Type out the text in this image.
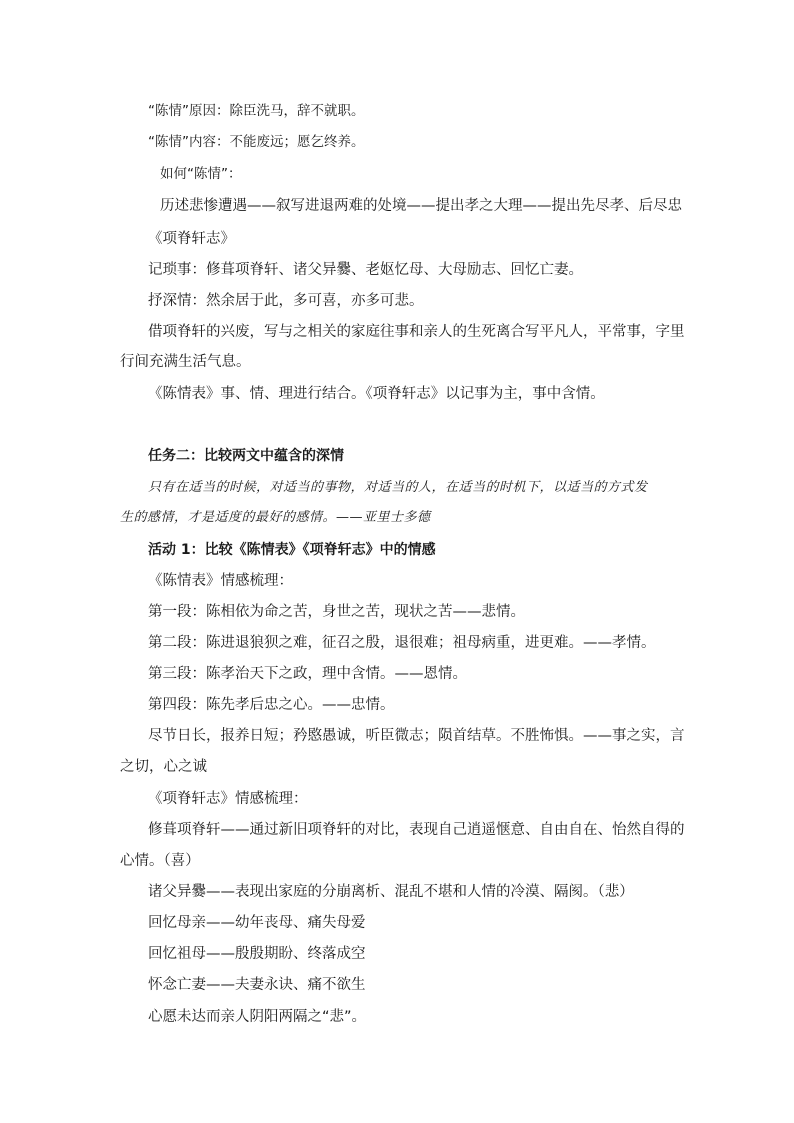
“陈情”原因：除臣洗马，辞不就职。
“陈情”内容：不能废远；愿乞终养。
如何“陈情”：
历述悲惨遭遇——叙写进退两难的处境——提出孝之大理——提出先尽孝、后尽忠
《项脊轩志》
记琐事：修葺项脊轩、诸父异爨、老妪忆母、大母励志、回忆亡妻。
抒深情：然余居于此，多可喜，亦多可悲。
借项脊轩的兴废，写与之相关的家庭往事和亲人的生死离合写平凡人，平常事，字里
行间充满生活气息。
《陈情表》事、情、理进行结合。《项脊轩志》以记事为主，事中含情。
任务二：比较两文中蕴含的深情
只有在适当的时候，对适当的事物，对适当的人，在适当的时机下，以适当的方式发
生的感情，才是适度的最好的感情。——亚里士多德
活动 1：比较《陈情表》《项脊轩志》中的情感
《陈情表》情感梳理：
第一段：陈相依为命之苦，身世之苦，现状之苦——悲情。
第二段：陈进退狼狈之难，征召之殷，退很难；祖母病重，进更难。——孝情。
第三段：陈孝治天下之政，理中含情。——恩情。
第四段：陈先孝后忠之心。——忠情。
尽节日长，报养日短；矜愍愚诚，听臣微志；陨首结草。不胜怖惧。——事之实，言
之切，心之诚
《项脊轩志》情感梳理：
修葺项脊轩——通过新旧项脊轩的对比，表现自己逍遥惬意、自由自在、怡然自得的
心情。（喜）
诸父异爨——表现出家庭的分崩离析、混乱不堪和人情的冷漠、隔阂。（悲）
回忆母亲——幼年丧母、痛失母爱
回忆祖母——殷殷期盼、终落成空
怀念亡妻——夫妻永诀、痛不欲生
心愿未达而亲人阴阳两隔之“悲”。
